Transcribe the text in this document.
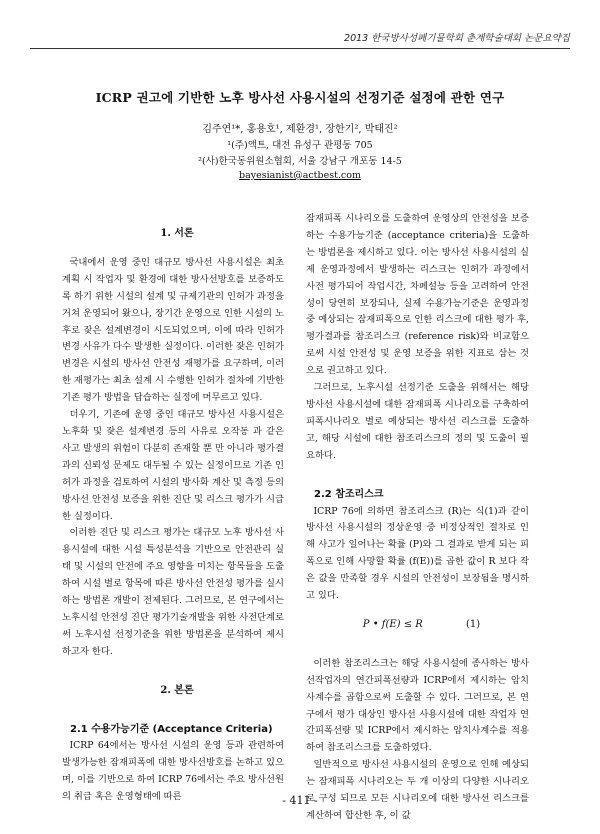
2013 한국방사성폐기물학회 춘계학술대회 논문요약집
ICRP 권고에 기반한 노후 방사선 사용시설의 선정기준 설정에 관한 연구
김주연¹*, 홍용호¹, 제환경¹, 장한기², 박태진²
¹(주)액트, 대전 유성구 관평동 705
²(사)한국동위원소협회, 서울 강남구 개포동 14-5
bayesianist@actbest.com

1. 서론

국내에서 운영 중인 대규모 방사선 사용시설은 최초 계획 시 작업자 및 환경에 대한 방사선방호를 보증하도록 하기 위한 시설의 설계 및 규제기관의 인허가 과정을 거쳐 운영되어 왔으나, 장기간 운영으로 인한 시설의 노후로 잦은 설계변경이 시도되었으며, 이에 따라 인허가 변경 사유가 다수 발생한 실정이다. 이러한 잦은 인허가 변경은 시설의 방사선 안전성 재평가를 요구하며, 이러한 재평가는 최초 설계 시 수행한 인허가 절차에 기반한 기존 평가 방법을 답습하는 실정에 머무르고 있다.

더우기, 기존에 운영 중인 대규모 방사선 사용시설은 노후화 및 잦은 설계변경 등의 사유로 오작동 과 같은 사고 발생의 위험이 다분히 존재할 뿐 만 아니라 평가결과의 신뢰성 문제도 대두될 수 있는 실정이므로 기존 인허가 과정을 검토하여 시설의 방사화 계산 및 측정 등의 방사선 안전성 보증을 위한 진단 및 리스크 평가가 시급한 실정이다.

이러한 진단 및 리스크 평가는 대규모 노후 방사선 사용시설에 대한 시설 특성분석을 기반으로 안전관리 실태 및 시설의 안전에 주요 영향을 미치는 항목들을 도출하여 시설 별로 항목에 따른 방사선 안전성 평가를 실시하는 방법론 개발이 전제된다. 그러므로, 본 연구에서는 노후시설 안전성 진단 평가기술개발을 위한 사전단계로써 노후시설 선정기준을 위한 방법론을 분석하여 제시하고자 한다.

2. 본론

2.1 수용가능기준 (Acceptance Criteria)

ICRP 64에서는 방사선 시설의 운영 등과 관련하여 발생가능한 잠재피폭에 대한 방사선방호를 논하고 있으며, 이를 기반으로 하여 ICRP 76에서는 주요 방사선원의 취급 혹은 운영형태에 따른

잠재피폭 시나리오를 도출하여 운영상의 안전성을 보증하는 수용가능기준 (acceptance criteria)을 도출하는 방법론을 제시하고 있다. 이는 방사선 사용시설의 실제 운영과정에서 발생하는 리스크는 인허가 과정에서 사전 평가되어 작업시간, 차폐설능 등을 고려하여 안전성이 당연히 보장되나, 실제 수용가능기준은 운영과정 중 예상되는 잠재피폭으로 인한 리스크에 대한 평가 후, 평가결과를 참조리스크 (reference risk)와 비교함으로써 시설 안전성 및 운영 보증을 위한 지표로 삼는 것으로 권고하고 있다.

그러므로, 노후시설 선정기준 도출을 위해서는 해당 방사선 사용시설에 대한 잠재피폭 시나리오를 구축하여 피폭시나리오 별로 예상되는 방사선 리스크를 도출하고, 해당 시설에 대한 참조리스크의 정의 및 도출이 필요하다.

2.2 참조리스크

ICRP 76에 의하면 참조리스크 (R)는 식(1)과 같이 방사선 사용시설의 정상운영 중 비정상적인 절차로 인해 사고가 일어나는 확률 (P)와 그 결과로 받게 되는 피폭으로 인해 사망할 확률 (f(E))를 곱한 값이 R 보다 작은 값을 만족할 경우 시설의 안전성이 보장됨을 명시하고 있다.

P • f(E) ≤ R	(1)

이러한 참조리스크는 해당 사용시설에 종사하는 방사선작업자의 연간피폭선량과 ICRP에서 제시하는 암치사계수를 곱함으로써 도출할 수 있다. 그러므로, 본 연구에서 평가 대상인 방사선 사용시설에 대한 작업자 연간피폭선량 및 ICRP에서 제시하는 암치사계수를 적용하여 참조리스크를 도출하였다.

일반적으로 방사선 사용시설의 운영으로 인해 예상되는 잠재피폭 시나리오는 두 개 이상의 다양한 시나리오로 구성 되므로 모든 시나리오에 대한 방사선 리스크를 계산하여 합산한 후, 이 값

- 411 -
